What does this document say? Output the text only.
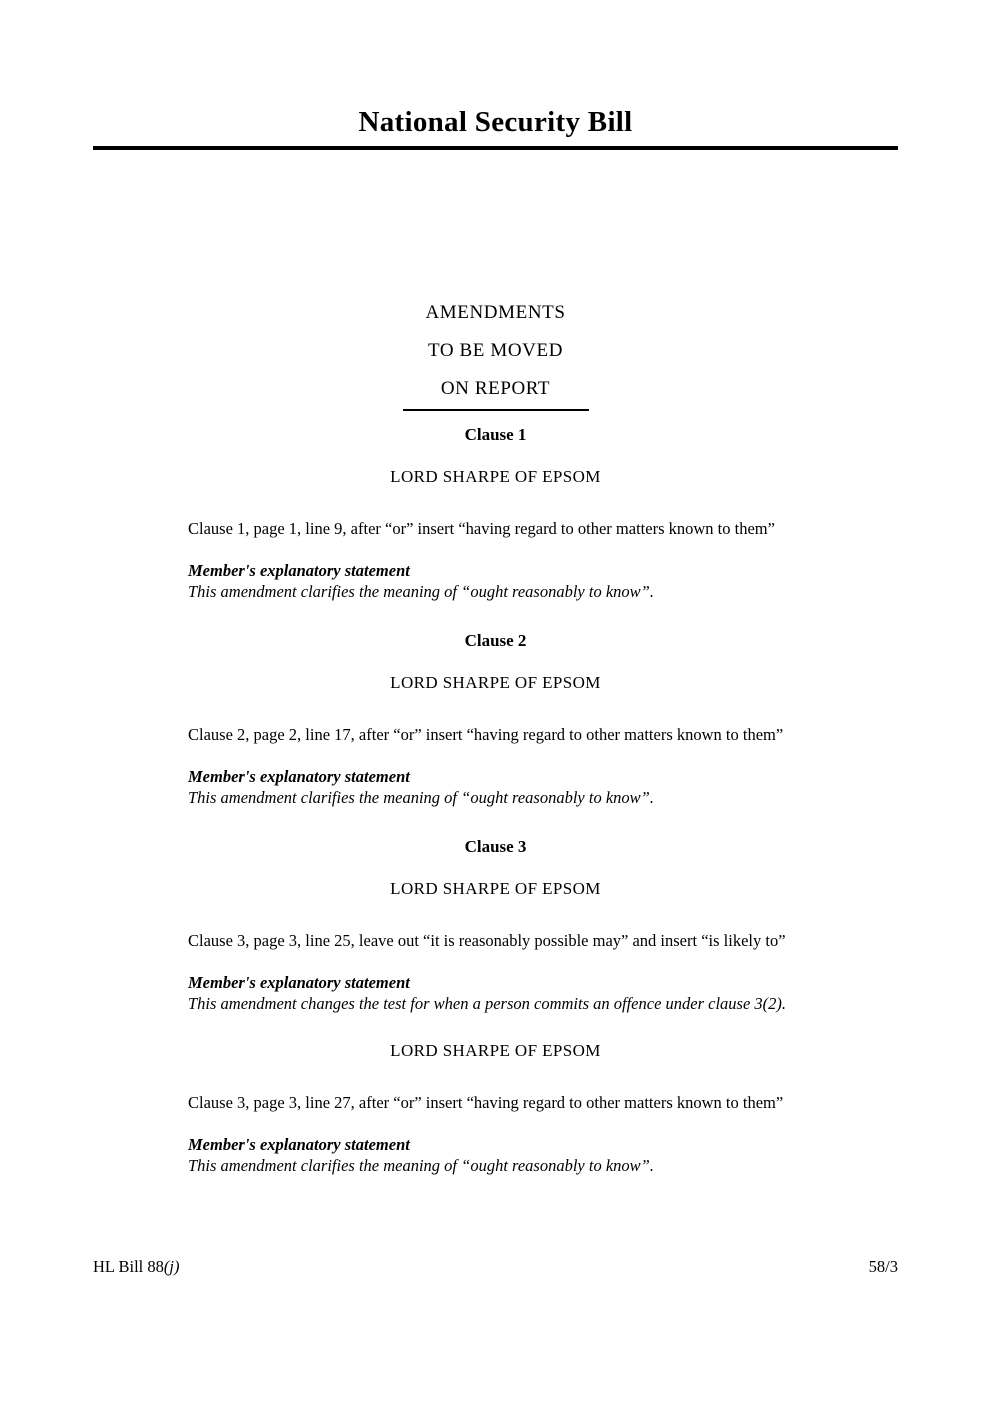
National Security Bill
AMENDMENTS
TO BE MOVED
ON REPORT
Clause 1
LORD SHARPE OF EPSOM

Clause 1, page 1, line 9, after “or” insert “having regard to other matters known to them”

Member's explanatory statement
This amendment clarifies the meaning of “ought reasonably to know”.
Clause 2
LORD SHARPE OF EPSOM

Clause 2, page 2, line 17, after “or” insert “having regard to other matters known to them”

Member's explanatory statement
This amendment clarifies the meaning of “ought reasonably to know”.
Clause 3
LORD SHARPE OF EPSOM

Clause 3, page 3, line 25, leave out “it is reasonably possible may” and insert “is likely to”

Member's explanatory statement
This amendment changes the test for when a person commits an offence under clause 3(2).
LORD SHARPE OF EPSOM

Clause 3, page 3, line 27, after “or” insert “having regard to other matters known to them”

Member's explanatory statement
This amendment clarifies the meaning of “ought reasonably to know”.
HL Bill 88(j)	58/3
